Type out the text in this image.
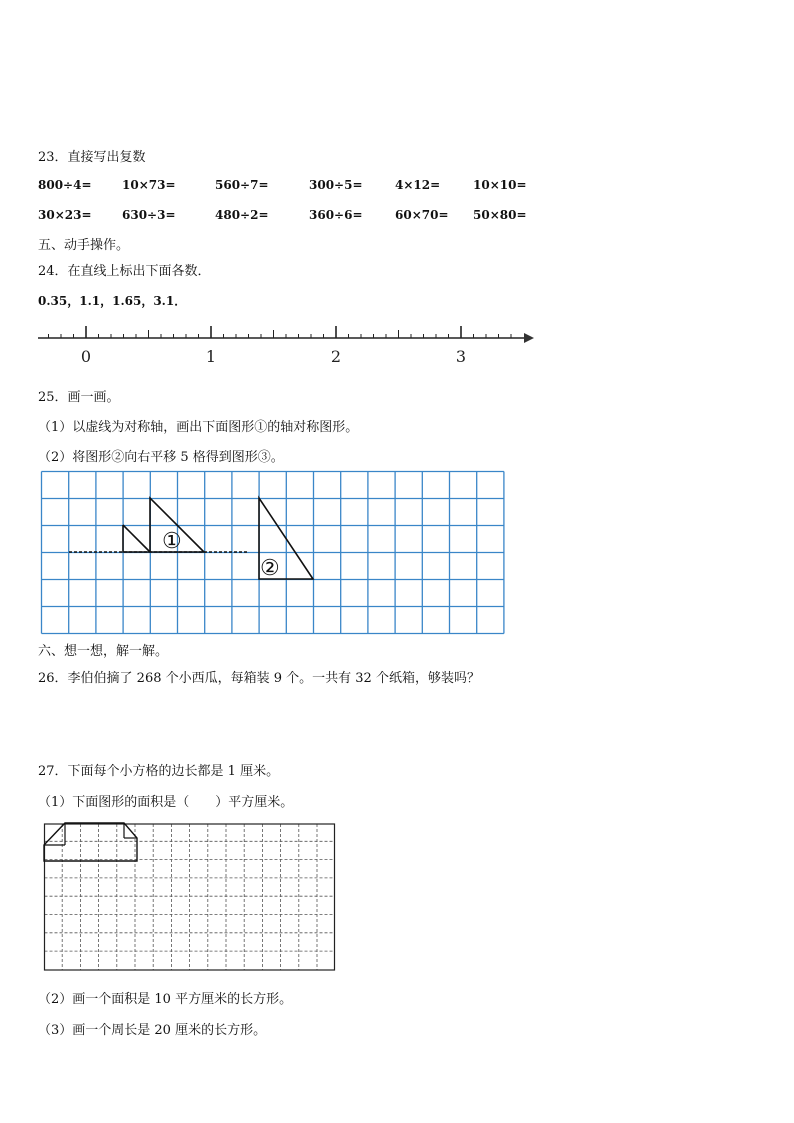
23．直接写出复数
800÷4=	10×73=	560÷7=	300÷5=	4×12=	10×10=
30×23=	630÷3=	480÷2=	360÷6=	60×70= 50×80=
五、动手操作。
24．在直线上标出下面各数．
0.35，1.1，1.65，3.1．
0	1	2	3
25．画一画。
（1）以虚线为对称轴，画出下面图形①的轴对称图形。
（2）将图形②向右平移 5 格得到图形③。
①
②
六、想一想，解一解。
26．李伯伯摘了 268 个小西瓜，每箱装 9 个。一共有 32 个纸箱，够装吗？
27．下面每个小方格的边长都是 1 厘米。
（1）下面图形的面积是（　　）平方厘米。
（2）画一个面积是 10 平方厘米的长方形。
（3）画一个周长是 20 厘米的长方形。
